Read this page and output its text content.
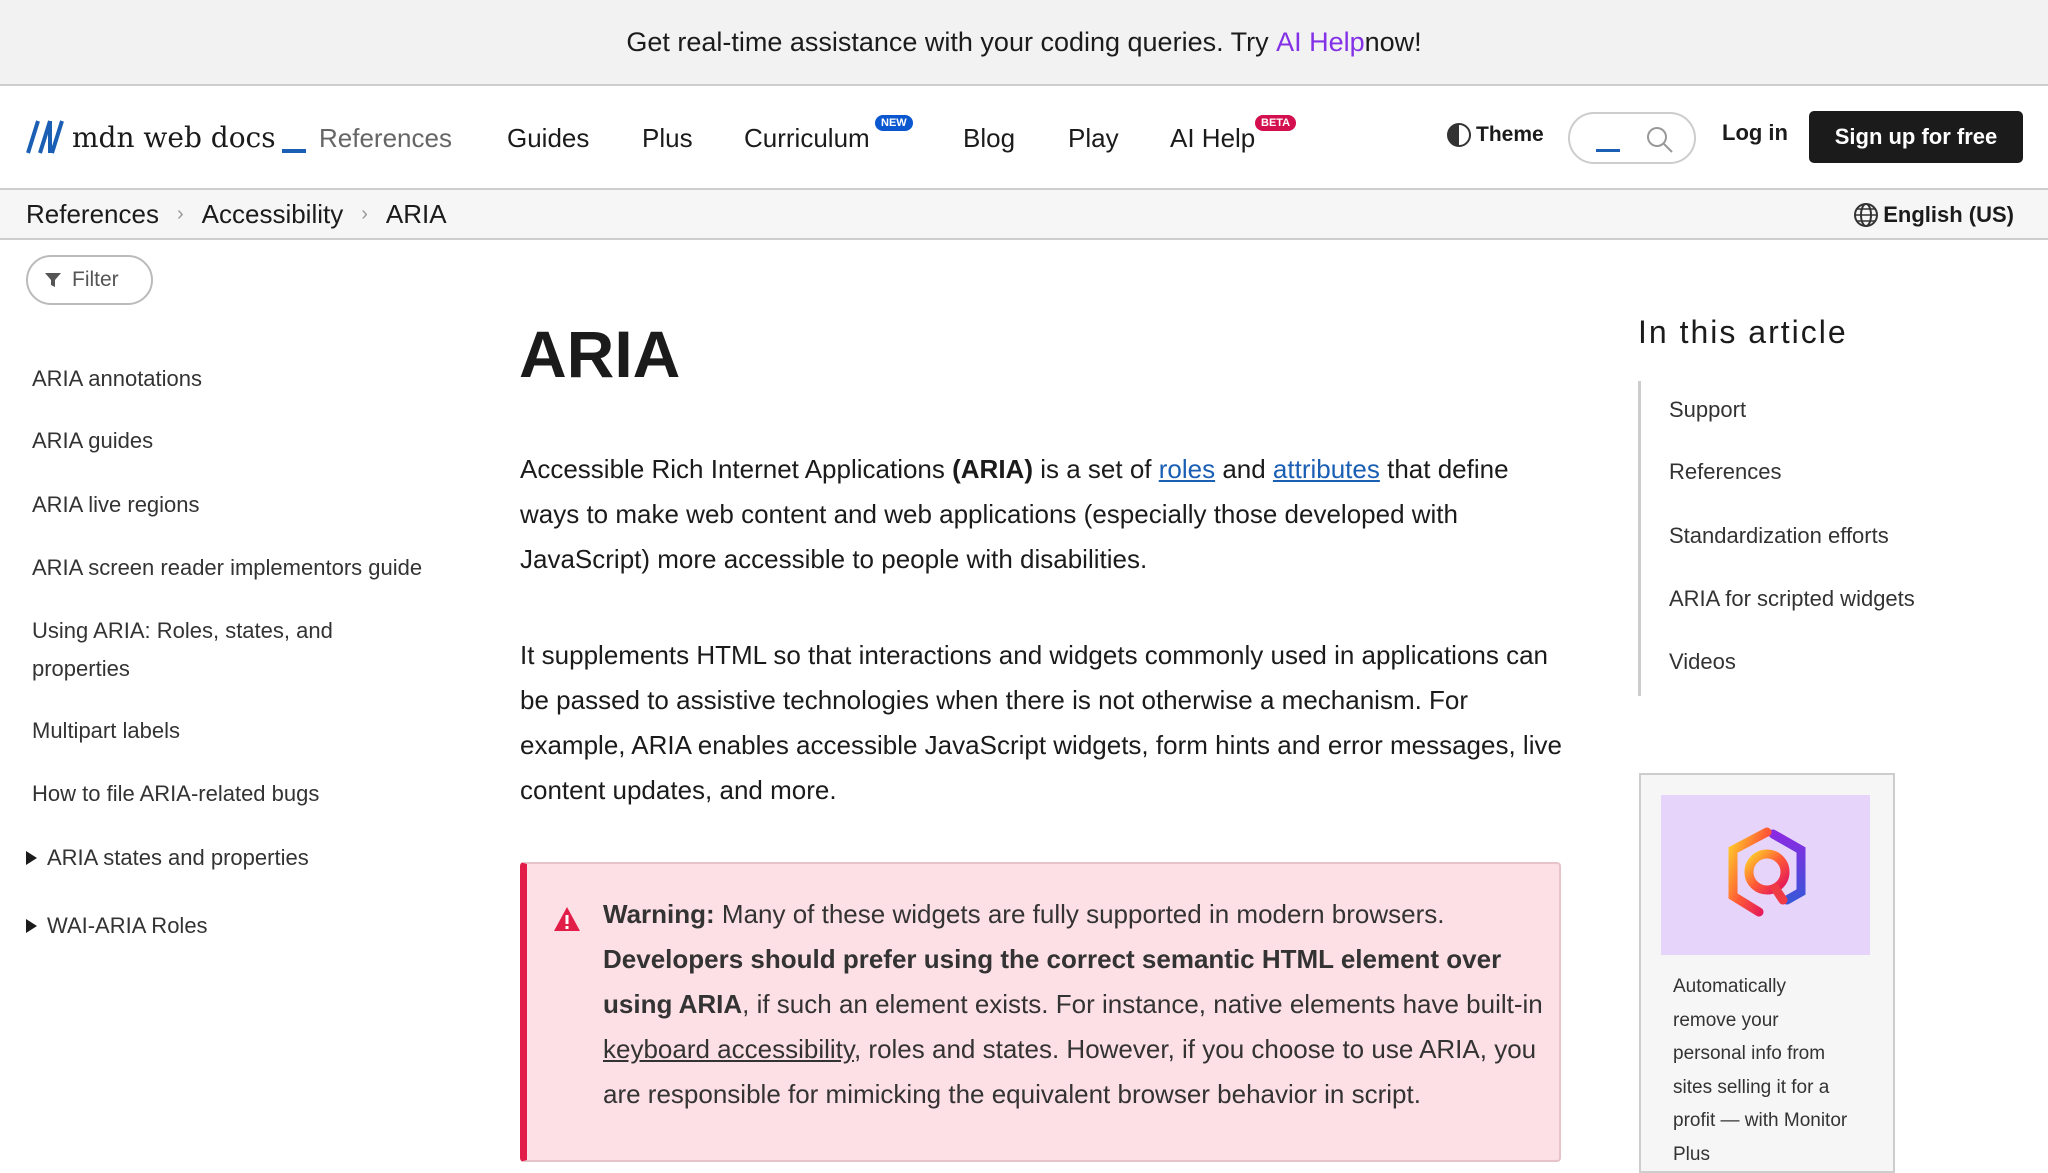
Get real-time assistance with your coding queries. Try
AI Help now!
mdn web docs References Guides Plus Curriculum	NEW Blog Play AI Help BETA	Theme	Log in	Sign up for free
References › Accessibility › ARIA	English (US)
Filter
ARIA annotations
ARIA guides
ARIA live regions
ARIA screen reader implementors guide
Using ARIA: Roles, states, and properties
Multipart labels
How to file ARIA-related bugs
ARIA states and properties
WAI-ARIA Roles
ARIA
Accessible Rich Internet Applications (ARIA) is a set of roles and attributes that define ways to make web content and web applications (especially those developed with JavaScript) more accessible to people with disabilities.
It supplements HTML so that interactions and widgets commonly used in applications can be passed to assistive technologies when there is not otherwise a mechanism. For example, ARIA enables accessible JavaScript widgets, form hints and error messages, live content updates, and more.
Warning: Many of these widgets are fully supported in modern browsers. Developers should prefer using the correct semantic HTML element over using ARIA, if such an element exists. For instance, native elements have built-in keyboard accessibility, roles and states. However, if you choose to use ARIA, you are responsible for mimicking the equivalent browser behavior in script.
In this article
Support
References
Standardization efforts
ARIA for scripted widgets
Videos
Automatically remove your personal info from sites selling it for a profit — with Monitor Plus
